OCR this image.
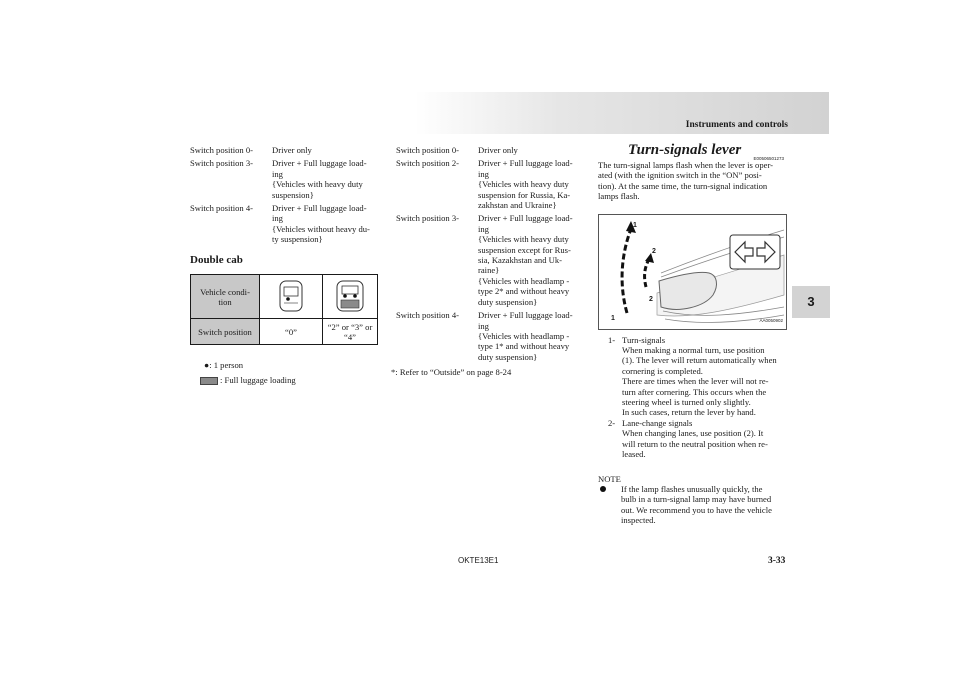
Instruments and controls
3
Switch position 0-	Driver only
Switch position 3-	Driver + Full luggage load-
ing
{Vehicles with heavy duty
suspension}
Switch position 4-	Driver + Full luggage load-
ing
{Vehicles without heavy du-
ty suspension}
Double cab
Vehicle condi-tion		
Switch position	“0”	“2” or “3” or “4”
●: 1 person
: Full luggage loading
Switch position 0-	Driver only
Switch position 2-	Driver + Full luggage load-
ing
{Vehicles with heavy duty
suspension for Russia, Ka-
zakhstan and Ukraine}
Switch position 3-	Driver + Full luggage load-
ing
{Vehicles with heavy duty
suspension except for Rus-
sia, Kazakhstan and Uk-
raine}
{Vehicles with headlamp -
type 2* and without heavy
duty suspension}
Switch position 4-	Driver + Full luggage load-
ing
{Vehicles with headlamp -
type 1* and without heavy
duty suspension}
*: Refer to “Outside” on page 8-24
Turn-signals lever
E00506501273
The turn-signal lamps flash when the lever is oper-
ated (with the ignition switch in the “ON” posi-
tion). At the same time, the turn-signal indication
lamps flash.
1
2
2
1	AA0050902
1- Turn-signals
When making a normal turn, use position
(1). The lever will return automatically when
cornering is completed.
There are times when the lever will not re-
turn after cornering. This occurs when the
steering wheel is turned only slightly.
In such cases, return the lever by hand.
2- Lane-change signals
When changing lanes, use position (2). It
will return to the neutral position when re-
leased.
NOTE
If the lamp flashes unusually quickly, the
bulb in a turn-signal lamp may have burned
out. We recommend you to have the vehicle
inspected.
OKTE13E1	3-33
